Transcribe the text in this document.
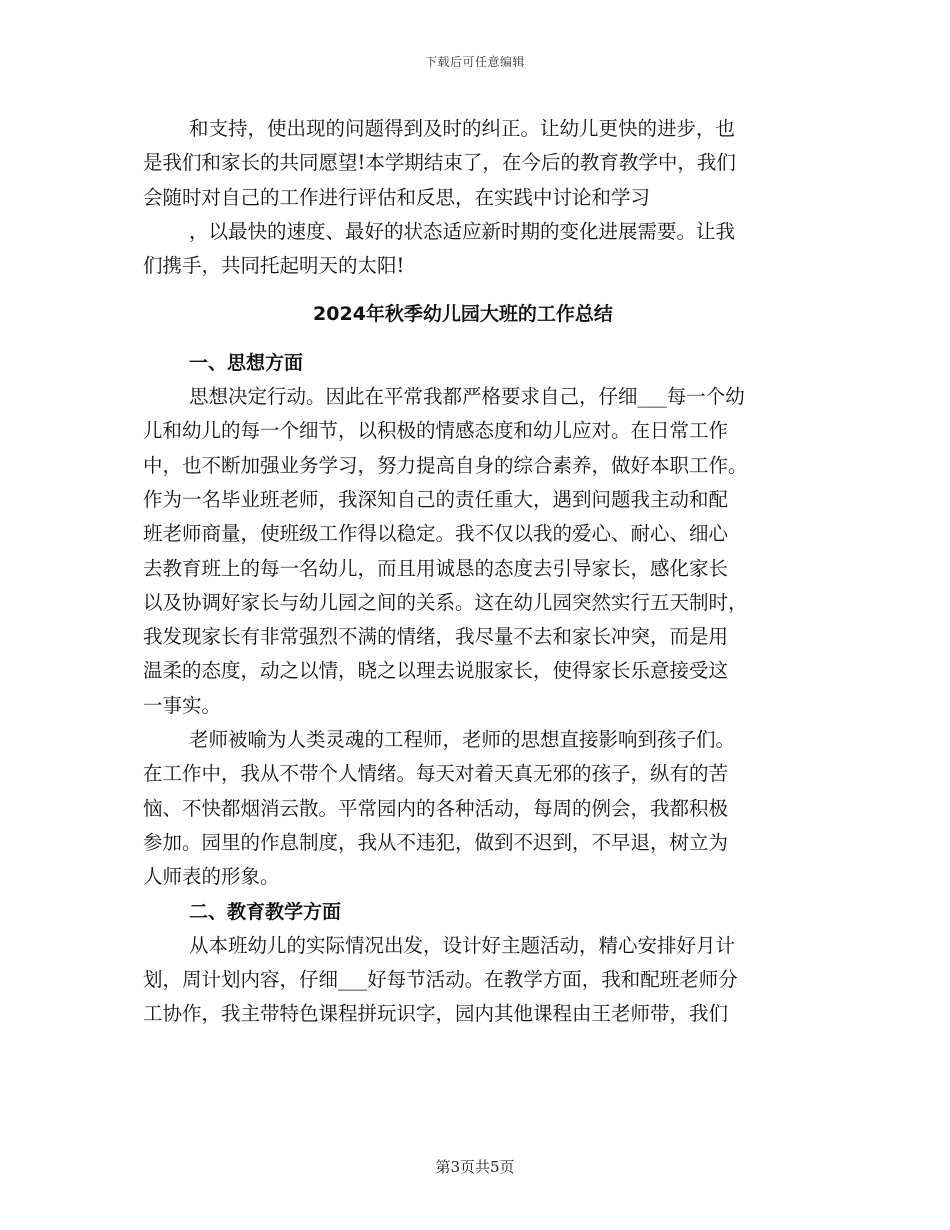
下载后可任意编辑
和支持，使出现的问题得到及时的纠正。让幼儿更快的进步，也
是我们和家长的共同愿望!本学期结束了，在今后的教育教学中，我们
会随时对自己的工作进行评估和反思，在实践中讨论和学习
，以最快的速度、最好的状态适应新时期的变化进展需要。让我
们携手，共同托起明天的太阳!
2024年秋季幼儿园大班的工作总结
一、思想方面
思想决定行动。因此在平常我都严格要求自己，仔细___每一个幼
儿和幼儿的每一个细节，以积极的情感态度和幼儿应对。在日常工作
中，也不断加强业务学习，努力提高自身的综合素养，做好本职工作。
作为一名毕业班老师，我深知自己的责任重大，遇到问题我主动和配
班老师商量，使班级工作得以稳定。我不仅以我的爱心、耐心、细心
去教育班上的每一名幼儿，而且用诚恳的态度去引导家长，感化家长
以及协调好家长与幼儿园之间的关系。这在幼儿园突然实行五天制时，
我发现家长有非常强烈不满的情绪，我尽量不去和家长冲突，而是用
温柔的态度，动之以情，晓之以理去说服家长，使得家长乐意接受这
一事实。
老师被喻为人类灵魂的工程师，老师的思想直接影响到孩子们。
在工作中，我从不带个人情绪。每天对着天真无邪的孩子，纵有的苦
恼、不快都烟消云散。平常园内的各种活动，每周的例会，我都积极
参加。园里的作息制度，我从不违犯，做到不迟到，不早退，树立为
人师表的形象。
二、教育教学方面
从本班幼儿的实际情况出发，设计好主题活动，精心安排好月计
划，周计划内容，仔细___好每节活动。在教学方面，我和配班老师分
工协作，我主带特色课程拼玩识字，园内其他课程由王老师带，我们
第3页共5页
